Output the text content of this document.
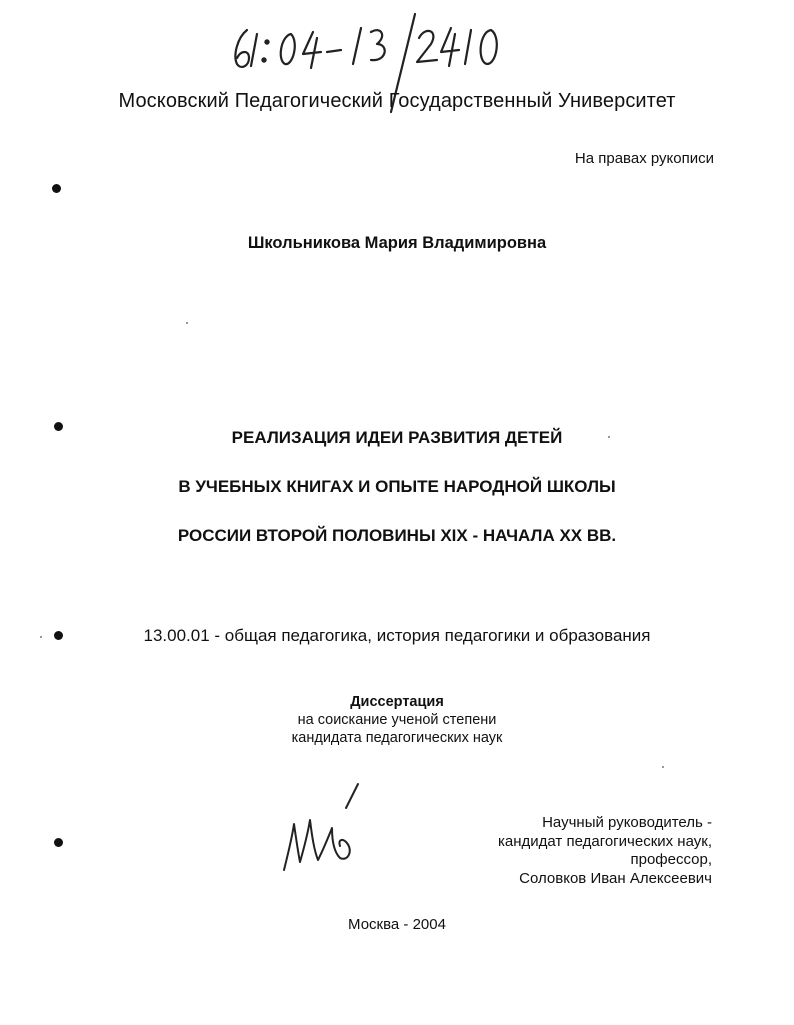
Московский Педагогический Государственный Университет
На правах рукописи
Школьникова Мария Владимировна
РЕАЛИЗАЦИЯ ИДЕИ РАЗВИТИЯ ДЕТЕЙ
В УЧЕБНЫХ КНИГАХ И ОПЫТЕ НАРОДНОЙ ШКОЛЫ
РОССИИ ВТОРОЙ ПОЛОВИНЫ XIX - НАЧАЛА XX ВВ.
13.00.01 - общая педагогика, история педагогики и образования
Диссертация
на соискание ученой степени
кандидата педагогических наук
Научный руководитель -
кандидат педагогических наук,
профессор,
Соловков Иван Алексеевич
Москва - 2004
